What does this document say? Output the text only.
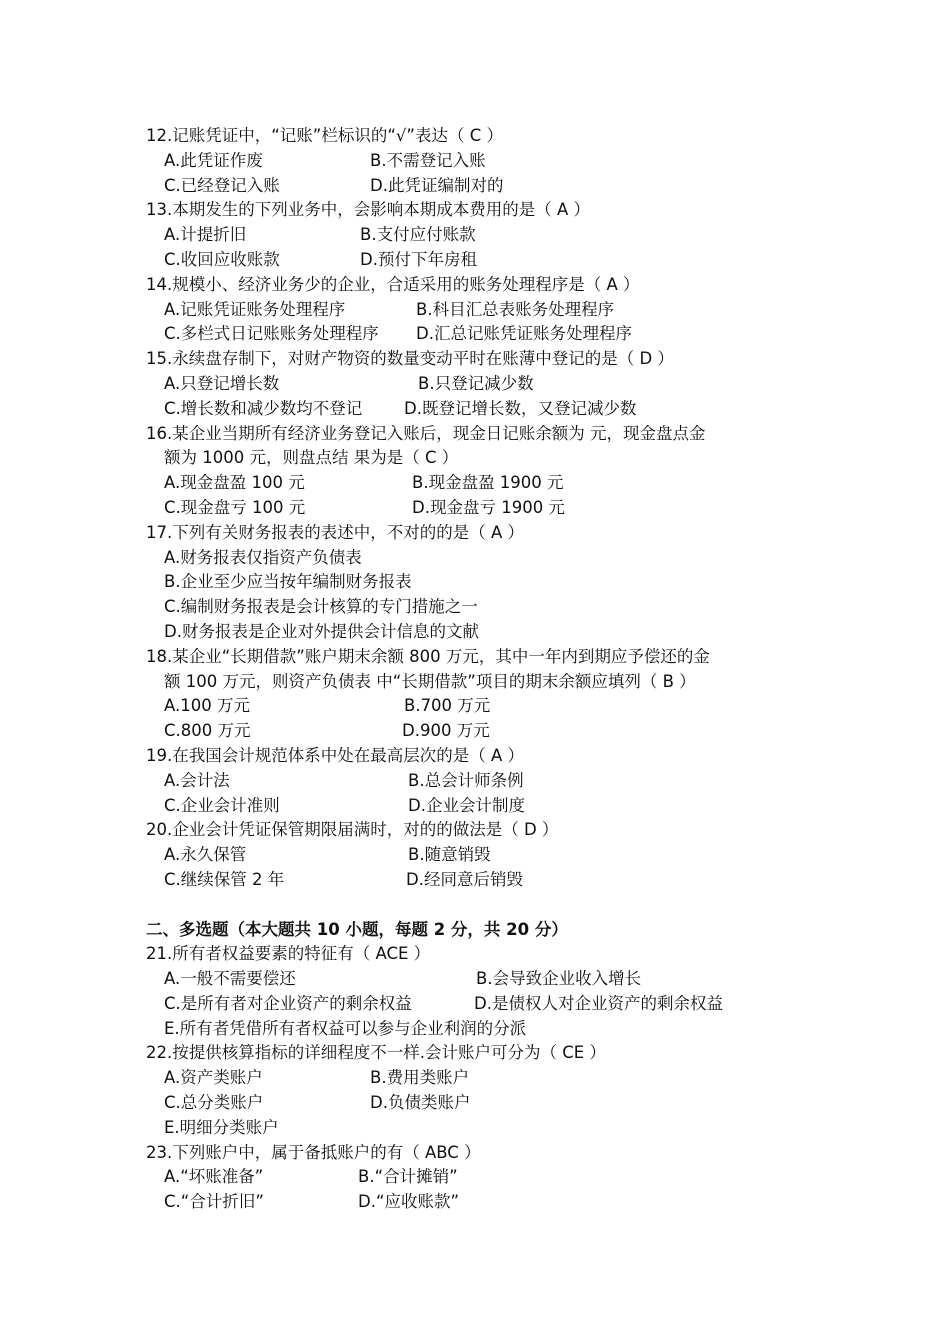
12.记账凭证中，“记账”栏标识的“√”表达（ C ）
A.此凭证作废	B.不需登记入账
C.已经登记入账	D.此凭证编制对的
13.本期发生的下列业务中，会影响本期成本费用的是（ A ）
A.计提折旧	B.支付应付账款
C.收回应收账款	D.预付下年房租
14.规模小、经济业务少的企业，合适采用的账务处理程序是（ A ）
A.记账凭证账务处理程序	B.科目汇总表账务处理程序
C.多栏式日记账账务处理程序 D.汇总记账凭证账务处理程序
15.永续盘存制下，对财产物资的数量变动平时在账薄中登记的是（ D ）
A.只登记增长数	B.只登记减少数
C.增长数和减少数均不登记	D.既登记增长数，又登记减少数
16.某企业当期所有经济业务登记入账后，现金日记账余额为 元，现金盘点金
额为 1000 元，则盘点结 果为是（ C ）
A.现金盘盈 100 元	B.现金盘盈 1900 元
C.现金盘亏 100 元	D.现金盘亏 1900 元
17.下列有关财务报表的表述中，不对的的是（ A ）
A.财务报表仅指资产负债表
B.企业至少应当按年编制财务报表
C.编制财务报表是会计核算的专门措施之一
D.财务报表是企业对外提供会计信息的文献
18.某企业“长期借款”账户期末余额 800 万元，其中一年内到期应予偿还的金
额 100 万元，则资产负债表 中“长期借款”项目的期末余额应填列（ B ）
A.100 万元	B.700 万元
C.800 万元	D.900 万元
19.在我国会计规范体系中处在最高层次的是（ A ）
A.会计法	B.总会计师条例
C.企业会计准则	D.企业会计制度
20.企业会计凭证保管期限届满时，对的的做法是（ D ）
A.永久保管	B.随意销毁
C.继续保管 2 年	D.经同意后销毁
二、多选题（本大题共 10 小题，每题 2 分，共 20 分）
21.所有者权益要素的特征有（ ACE ）
A.一般不需要偿还	B.会导致企业收入增长
C.是所有者对企业资产的剩余权益	D.是债权人对企业资产的剩余权益
E.所有者凭借所有者权益可以参与企业利润的分派
22.按提供核算指标的详细程度不一样.会计账户可分为（ CE ）
A.资产类账户	B.费用类账户
C.总分类账户	D.负债类账户
E.明细分类账户
23.下列账户中，属于备抵账户的有（ ABC ）
A.“坏账准备”	B.“合计摊销”
C.“合计折旧”	D.“应收账款”
